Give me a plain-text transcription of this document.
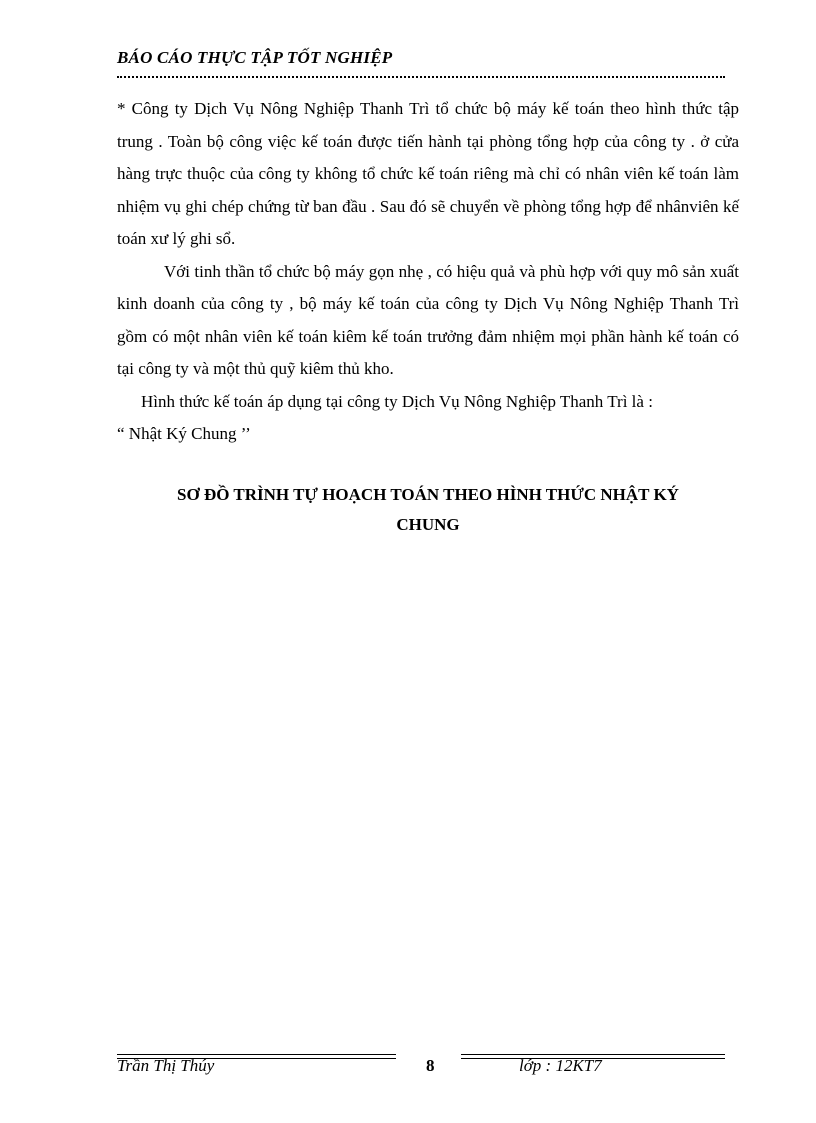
BÁO CÁO THỰC TẬP TỐT NGHIỆP

* Công ty Dịch Vụ Nông Nghiệp Thanh Trì tổ chức bộ máy kế toán theo hình thức tập trung . Toàn bộ công việc kế toán được tiến hành tại phòng tổng hợp của công ty . ở cửa hàng trực thuộc của công ty không tổ chức kế toán riêng mà chỉ có nhân viên kế toán làm nhiệm vụ ghi chép chứng từ ban đầu . Sau đó sẽ chuyển về phòng tổng hợp để nhânviên kế toán xư lý ghi sổ.

Với tinh thần tổ chức bộ máy gọn nhẹ , có hiệu quả và phù hợp với quy mô sản xuất kinh doanh của công ty , bộ máy kế toán của công ty Dịch Vụ Nông Nghiệp Thanh Trì gồm có một nhân viên kế toán kiêm kế toán trưởng đảm nhiệm mọi phần hành kế toán có tại công ty và một thủ quỹ kiêm thủ kho.

Hình thức kế toán áp dụng tại công ty Dịch Vụ Nông Nghiệp Thanh Trì là :

“ Nhật Ký Chung ’’

SƠ ĐỒ TRÌNH TỰ HOẠCH TOÁN THEO HÌNH THỨC NHẬT KÝ
CHUNG
Trần Thị Thúy	8	lớp : 12KT7
